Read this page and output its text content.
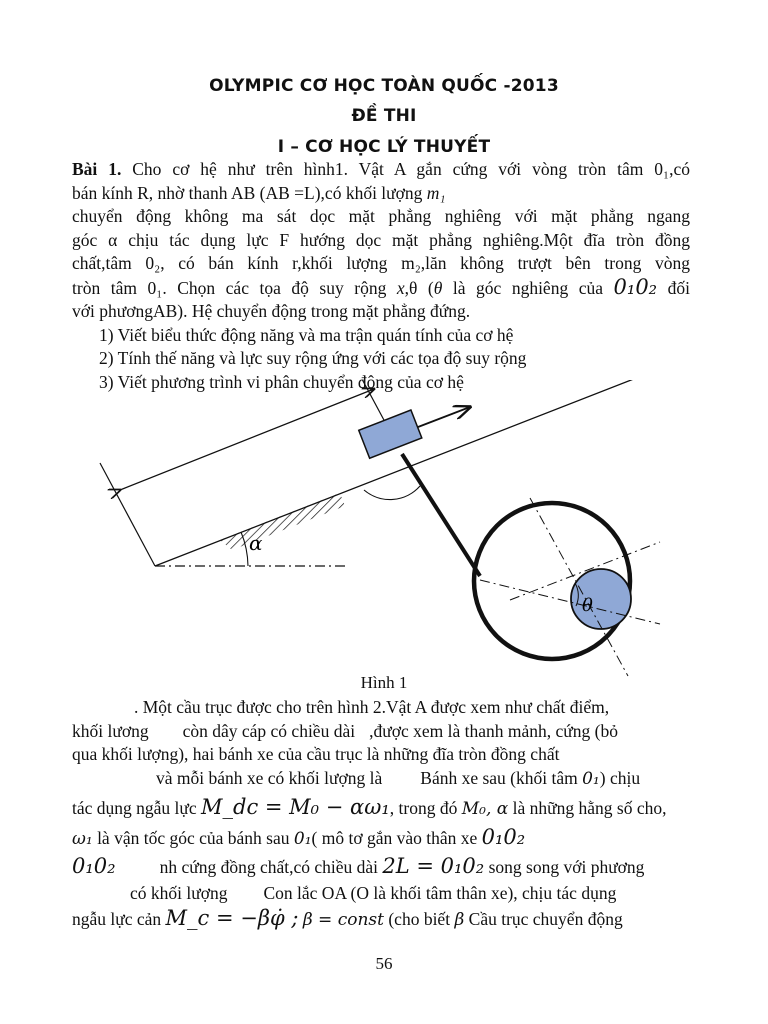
OLYMPIC CƠ HỌC TOÀN QUỐC -2013

ĐỀ THI

I – CƠ HỌC LÝ THUYẾT

Bài 1. Cho cơ hệ như trên hình1. Vật A gắn cứng với vòng tròn tâm 0₁,có
bán kính R, nhờ thanh AB (AB =L),có khối lượng m₁
chuyển động không ma sát dọc mặt phẳng nghiêng với mặt phẳng ngang
góc α chịu tác dụng lực F hướng dọc mặt phẳng nghiêng.Một đĩa tròn đồng
chất,tâm 0₂, có bán kính r,khối lượng m₂,lăn không trượt bên trong vòng
tròn tâm 0₁. Chọn các tọa độ suy rộng x,θ (θ là góc nghiêng của 0₁0₂ đối
với phươngAB). Hệ chuyển động trong mặt phẳng đứng.
1) Viết biểu thức động năng và ma trận quán tính của cơ hệ
2) Tính thế năng và lực suy rộng ứng với các tọa độ suy rộng
3) Viết phương trình vi phân chuyển động của cơ hệ
α
θ
Hình 1
. Một cầu trục được cho trên hình 2.Vật A được xem như chất điểm,
khối lương còn dây cáp có chiều dài ,được xem là thanh mảnh, cứng (bỏ
qua khối lượng), hai bánh xe của cầu trục là những đĩa tròn đồng chất
và mỗi bánh xe có khối lượng là Bánh xe sau (khối tâm 0₁) chịu
tác dụng ngẫu lực M_dc = M₀ − αω₁, trong đó M₀, α là những hằng số cho,
ω₁ là vận tốc góc của bánh sau 0₁( mô tơ gắn vào thân xe 0₁0₂
0₁0₂	nh cứng đồng chất,có chiều dài 2L = 0₁0₂ song song với phương
có khối lượng Con lắc OA (O là khối tâm thân xe), chịu tác dụng
ngẫu lực cản M_c = −βφ̇ ; β = const (cho biết β Cầu trục chuyển động
56
